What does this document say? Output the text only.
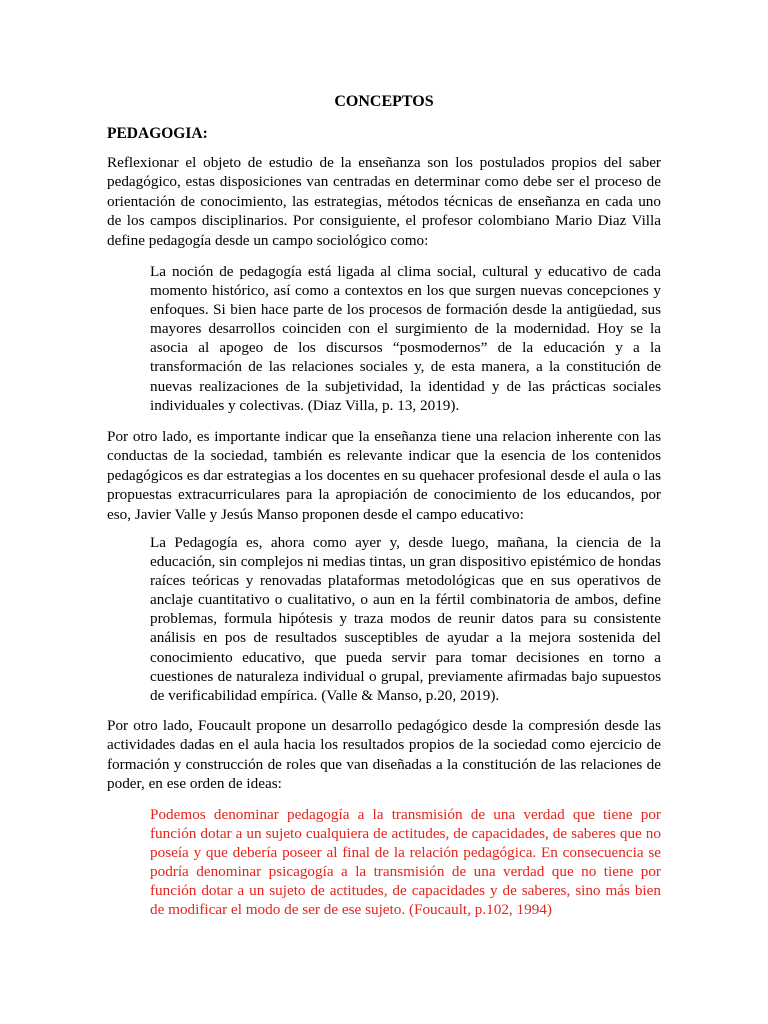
CONCEPTOS
PEDAGOGIA:

Reflexionar el objeto de estudio de la enseñanza son los postulados propios del saber pedagógico, estas disposiciones van centradas en determinar como debe ser el proceso de orientación de conocimiento, las estrategias, métodos técnicas de enseñanza en cada uno de los campos disciplinarios. Por consiguiente, el profesor colombiano Mario Diaz Villa define pedagogía desde un campo sociológico como:

La noción de pedagogía está ligada al clima social, cultural y educativo de cada momento histórico, así como a contextos en los que surgen nuevas concepciones y enfoques. Si bien hace parte de los procesos de formación desde la antigüedad, sus mayores desarrollos coinciden con el surgimiento de la modernidad. Hoy se la asocia al apogeo de los discursos “posmodernos” de la educación y a la transformación de las relaciones sociales y, de esta manera, a la constitución de nuevas realizaciones de la subjetividad, la identidad y de las prácticas sociales individuales y colectivas. (Diaz Villa, p. 13, 2019).

Por otro lado, es importante indicar que la enseñanza tiene una relacion inherente con las conductas de la sociedad, también es relevante indicar que la esencia de los contenidos pedagógicos es dar estrategias a los docentes en su quehacer profesional desde el aula o las propuestas extracurriculares para la apropiación de conocimiento de los educandos, por eso, Javier Valle y Jesús Manso proponen desde el campo educativo:

La Pedagogía es, ahora como ayer y, desde luego, mañana, la ciencia de la educación, sin complejos ni medias tintas, un gran dispositivo epistémico de hondas raíces teóricas y renovadas plataformas metodológicas que en sus operativos de anclaje cuantitativo o cualitativo, o aun en la fértil combinatoria de ambos, define problemas, formula hipótesis y traza modos de reunir datos para su consistente análisis en pos de resultados susceptibles de ayudar a la mejora sostenida del conocimiento educativo, que pueda servir para tomar decisiones en torno a cuestiones de naturaleza individual o grupal, previamente afirmadas bajo supuestos de verificabilidad empírica. (Valle & Manso, p.20, 2019).

Por otro lado, Foucault propone un desarrollo pedagógico desde la compresión desde las actividades dadas en el aula hacia los resultados propios de la sociedad como ejercicio de formación y construcción de roles que van diseñadas a la constitución de las relaciones de poder, en ese orden de ideas:

Podemos denominar pedagogía a la transmisión de una verdad que tiene por función dotar a un sujeto cualquiera de actitudes, de capacidades, de saberes que no poseía y que debería poseer al final de la relación pedagógica. En consecuencia se podría denominar psicagogía a la transmisión de una verdad que no tiene por función dotar a un sujeto de actitudes, de capacidades y de saberes, sino más bien de modificar el modo de ser de ese sujeto. (Foucault, p.102, 1994)
